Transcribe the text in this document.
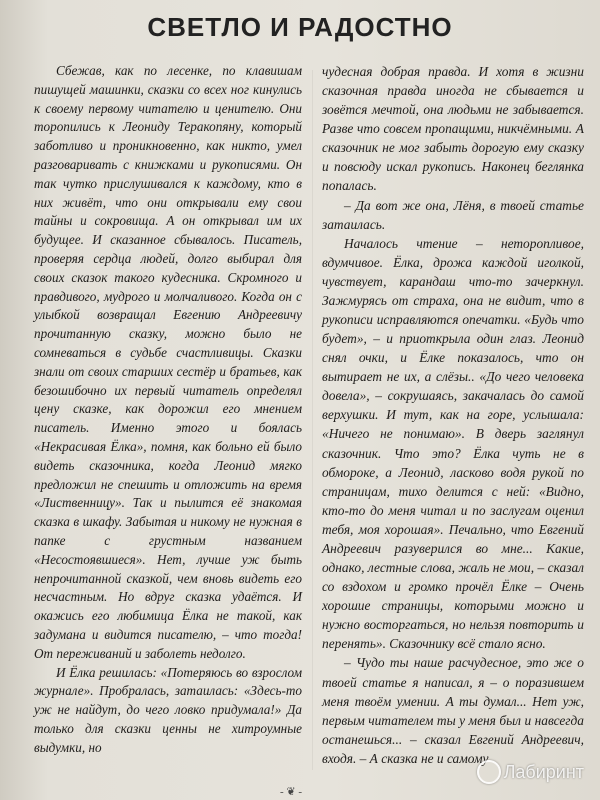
СВЕТЛО И РАДОСТНО

Сбежав, как по лесенке, по клавишам пишущей машинки, сказки со всех ног кинулись к своему первому читателю и ценителю. Они торопились к Леониду Теракопяну, который заботливо и проникновенно, как никто, умел разговаривать с книжками и рукописями. Он так чутко прислушивался к каждому, кто в них живёт, что они открывали ему свои тайны и сокровища. А он открывал им их будущее. И сказанное сбывалось. Писатель, проверяя сердца людей, долго выбирал для своих сказок такого кудесника. Скромного и правдивого, мудрого и молчаливого. Когда он с улыбкой возвращал Евгению Андреевичу прочитанную сказку, можно было не сомневаться в судьбе счастливицы. Сказки знали от своих старших сестёр и братьев, как безошибочно их первый читатель определял цену сказке, как дорожил его мнением писатель. Именно этого и боялась «Некрасивая Ёлка», помня, как больно ей было видеть сказочника, когда Леонид мягко предложил не спешить и отложить на время «Лиственницу». Так и пылится её знакомая сказка в шкафу. Забытая и никому не нужная в папке с грустным названием «Несостоявшиеся». Нет, лучше уж быть непрочитанной сказкой, чем вновь видеть его несчастным. Но вдруг сказка удаётся. И окажись его любимица Ёлка не такой, как задумана и видится писателю, – что тогда! От переживаний и заболеть недолго.

И Ёлка решилась: «Потеряюсь во взрослом журнале». Пробралась, затаилась: «Здесь-то уж не найдут, до чего ловко придумала!» Да только для сказки ценны не хитроумные выдумки, но

чудесная добрая правда. И хотя в жизни сказочная правда иногда не сбывается и зовётся мечтой, она людьми не забывается. Разве что совсем пропащими, никчёмными. А сказочник не мог забыть дорогую ему сказку и повсюду искал рукопись. Наконец беглянка попалась.

– Да вот же она, Лёня, в твоей статье затаилась.

Началось чтение – неторопливое, вдумчивое. Ёлка, дрожа каждой иголкой, чувствует, карандаш что-то зачеркнул. Зажмурясь от страха, она не видит, что в рукописи исправляются опечатки. «Будь что будет», – и приоткрыла один глаз. Леонид снял очки, и Ёлке показалось, что он вытирает не их, а слёзы.. «До чего человека довела», – сокрушаясь, закачалась до самой верхушки. И тут, как на горе, услышала: «Ничего не понимаю». В дверь заглянул сказочник. Что это? Ёлка чуть не в обмороке, а Леонид, ласково водя рукой по страницам, тихо делится с ней: «Видно, кто-то до меня читал и по заслугам оценил тебя, моя хорошая». Печально, что Евгений Андреевич разуверился во мне... Какие, однако, лестные слова, жаль не мои, – сказал со вздохом и громко прочёл Ёлке – Очень хорошие страницы, которыми можно и нужно восторгаться, но нельзя повторить и перенять». Сказочнику всё стало ясно.

– Чудо ты наше расчудесное, это же о твоей статье я написал, я – о поразившем меня твоём умении. А ты думал... Нет уж, первым читателем ты у меня был и навсегда останешься... – сказал Евгений Андреевич, входя. – А сказка не и самому

- ❦ -
Лабиринт
